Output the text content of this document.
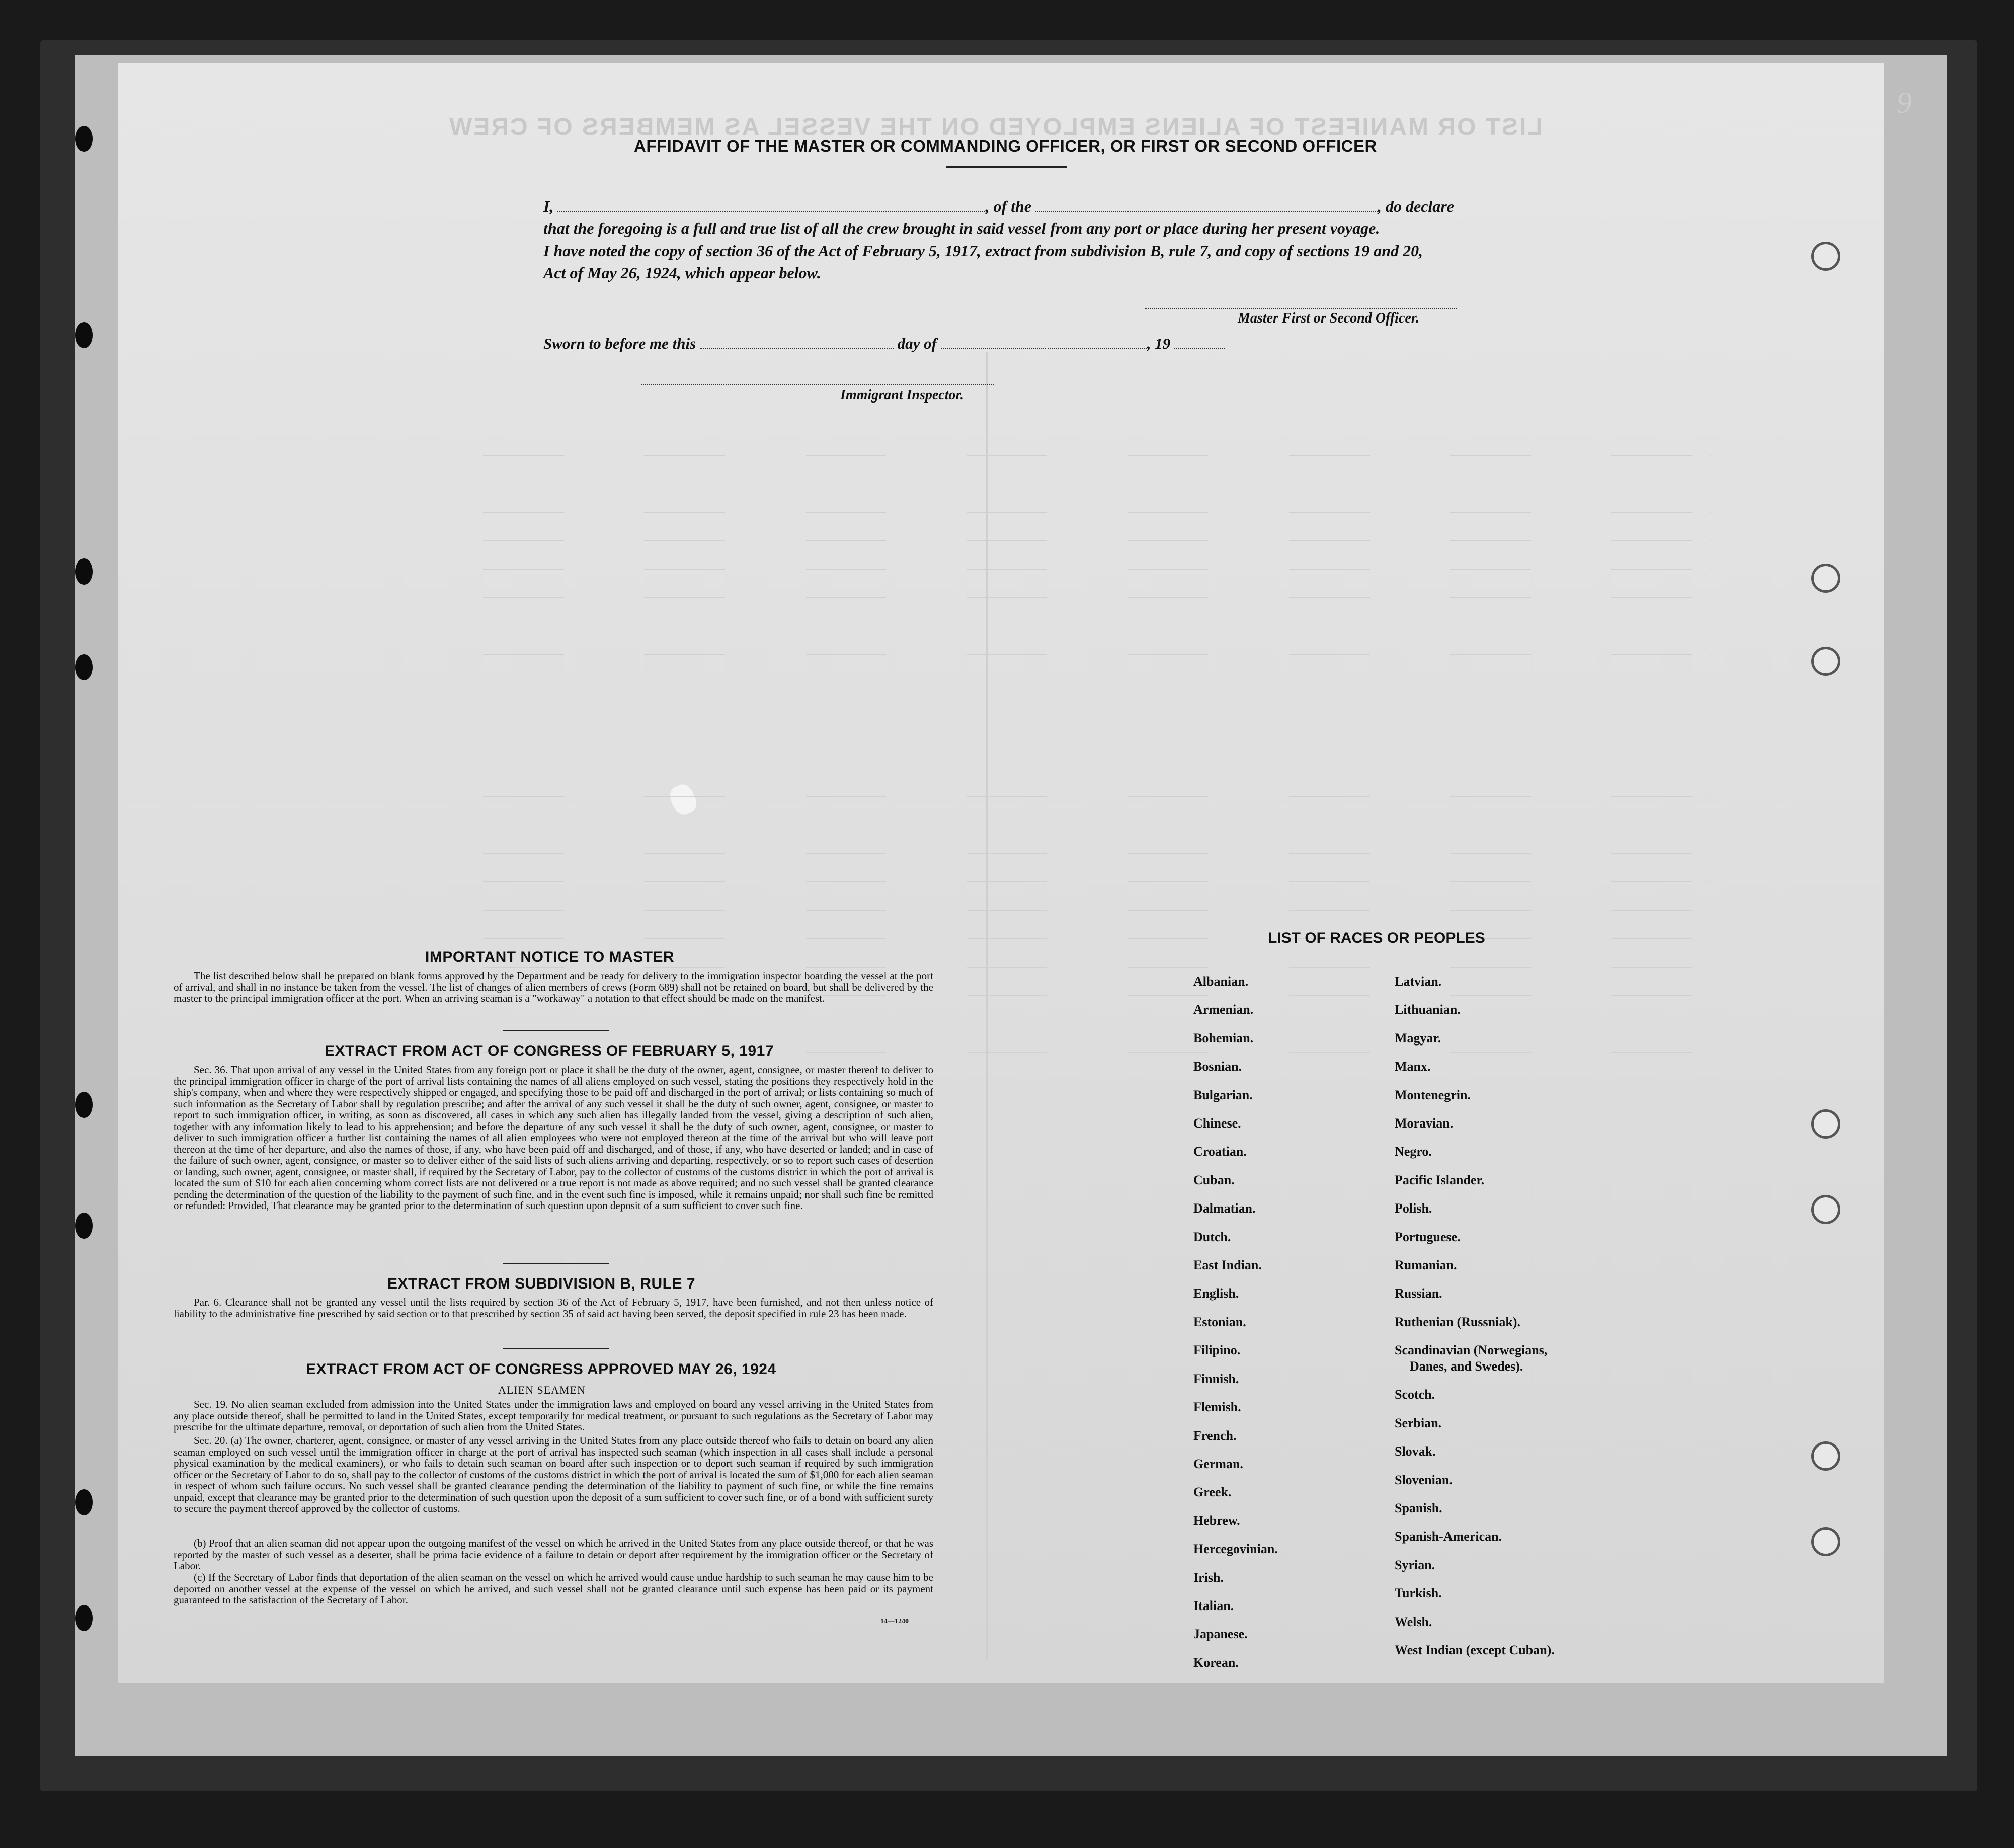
9
LIST OR MANIFEST OF ALIENS EMPLOYED ON THE VESSEL AS MEMBERS OF CREW

AFFIDAVIT OF THE MASTER OR COMMANDING OFFICER, OR FIRST OR SECOND OFFICER
I,	, of the	, do declare
that the foregoing is a full and true list of all the crew brought in said vessel from any port or place during her present voyage.
I have noted the copy of section 36 of the Act of February 5, 1917, extract from subdivision B, rule 7, and copy of sections 19 and 20,
Act of May 26, 1924, which appear below.
Master First or Second Officer.
Sworn to before me this	day of	, 19
Immigrant Inspector.
IMPORTANT NOTICE TO MASTER
The list described below shall be prepared on blank forms approved by the Department and be ready for delivery to the immigration inspector boarding the vessel at the port of arrival, and shall in no instance be taken from the vessel. The list of changes of alien members of crews (Form 689) shall not be retained on board, but shall be delivered by the master to the principal immigration officer at the port. When an arriving seaman is a "workaway" a notation to that effect should be made on the manifest.
EXTRACT FROM ACT OF CONGRESS OF FEBRUARY 5, 1917
Sec. 36. That upon arrival of any vessel in the United States from any foreign port or place it shall be the duty of the owner, agent, consignee, or master thereof to deliver to the principal immigration officer in charge of the port of arrival lists containing the names of all aliens employed on such vessel, stating the positions they respectively hold in the ship's company, when and where they were respectively shipped or engaged, and specifying those to be paid off and discharged in the port of arrival; or lists containing so much of such information as the Secretary of Labor shall by regulation prescribe; and after the arrival of any such vessel it shall be the duty of such owner, agent, consignee, or master to report to such immigration officer, in writing, as soon as discovered, all cases in which any such alien has illegally landed from the vessel, giving a description of such alien, together with any information likely to lead to his apprehension; and before the departure of any such vessel it shall be the duty of such owner, agent, consignee, or master to deliver to such immigration officer a further list containing the names of all alien employees who were not employed thereon at the time of the arrival but who will leave port thereon at the time of her departure, and also the names of those, if any, who have been paid off and discharged, and of those, if any, who have deserted or landed; and in case of the failure of such owner, agent, consignee, or master so to deliver either of the said lists of such aliens arriving and departing, respectively, or so to report such cases of desertion or landing, such owner, agent, consignee, or master shall, if required by the Secretary of Labor, pay to the collector of customs of the customs district in which the port of arrival is located the sum of $10 for each alien concerning whom correct lists are not delivered or a true report is not made as above required; and no such vessel shall be granted clearance pending the determination of the question of the liability to the payment of such fine, and in the event such fine is imposed, while it remains unpaid; nor shall such fine be remitted or refunded: Provided, That clearance may be granted prior to the determination of such question upon deposit of a sum sufficient to cover such fine.
EXTRACT FROM SUBDIVISION B, RULE 7
Par. 6. Clearance shall not be granted any vessel until the lists required by section 36 of the Act of February 5, 1917, have been furnished, and not then unless notice of liability to the administrative fine prescribed by said section or to that prescribed by section 35 of said act having been served, the deposit specified in rule 23 has been made.
EXTRACT FROM ACT OF CONGRESS APPROVED MAY 26, 1924
ALIEN SEAMEN
Sec. 19. No alien seaman excluded from admission into the United States under the immigration laws and employed on board any vessel arriving in the United States from any place outside thereof, shall be permitted to land in the United States, except temporarily for medical treatment, or pursuant to such regulations as the Secretary of Labor may prescribe for the ultimate departure, removal, or deportation of such alien from the United States.
Sec. 20. (a) The owner, charterer, agent, consignee, or master of any vessel arriving in the United States from any place outside thereof who fails to detain on board any alien seaman employed on such vessel until the immigration officer in charge at the port of arrival has inspected such seaman (which inspection in all cases shall include a personal physical examination by the medical examiners), or who fails to detain such seaman on board after such inspection or to deport such seaman if required by such immigration officer or the Secretary of Labor to do so, shall pay to the collector of customs of the customs district in which the port of arrival is located the sum of $1,000 for each alien seaman in respect of whom such failure occurs. No such vessel shall be granted clearance pending the determination of the liability to payment of such fine, or while the fine remains unpaid, except that clearance may be granted prior to the determination of such question upon the deposit of a sum sufficient to cover such fine, or of a bond with sufficient surety to secure the payment thereof approved by the collector of customs.
(b) Proof that an alien seaman did not appear upon the outgoing manifest of the vessel on which he arrived in the United States from any place outside thereof, or that he was reported by the master of such vessel as a deserter, shall be prima facie evidence of a failure to detain or deport after requirement by the immigration officer or the Secretary of Labor.
(c) If the Secretary of Labor finds that deportation of the alien seaman on the vessel on which he arrived would cause undue hardship to such seaman he may cause him to be deported on another vessel at the expense of the vessel on which he arrived, and such vessel shall not be granted clearance until such expense has been paid or its payment guaranteed to the satisfaction of the Secretary of Labor.
14—1240
LIST OF RACES OR PEOPLES
Albanian.
Armenian.
Bohemian.
Bosnian.
Bulgarian.
Chinese.
Croatian.
Cuban.
Dalmatian.
Dutch.
East Indian.
English.
Estonian.
Filipino.
Finnish.
Flemish.
French.
German.
Greek.
Hebrew.
Hercegovinian.
Irish.
Italian.
Japanese.
Korean.
Latvian.
Lithuanian.
Magyar.
Manx.
Montenegrin.
Moravian.
Negro.
Pacific Islander.
Polish.
Portuguese.
Rumanian.
Russian.
Ruthenian (Russniak).
Scandinavian (Norwegians,
Danes, and Swedes).
Scotch.
Serbian.
Slovak.
Slovenian.
Spanish.
Spanish-American.
Syrian.
Turkish.
Welsh.
West Indian (except Cuban).
